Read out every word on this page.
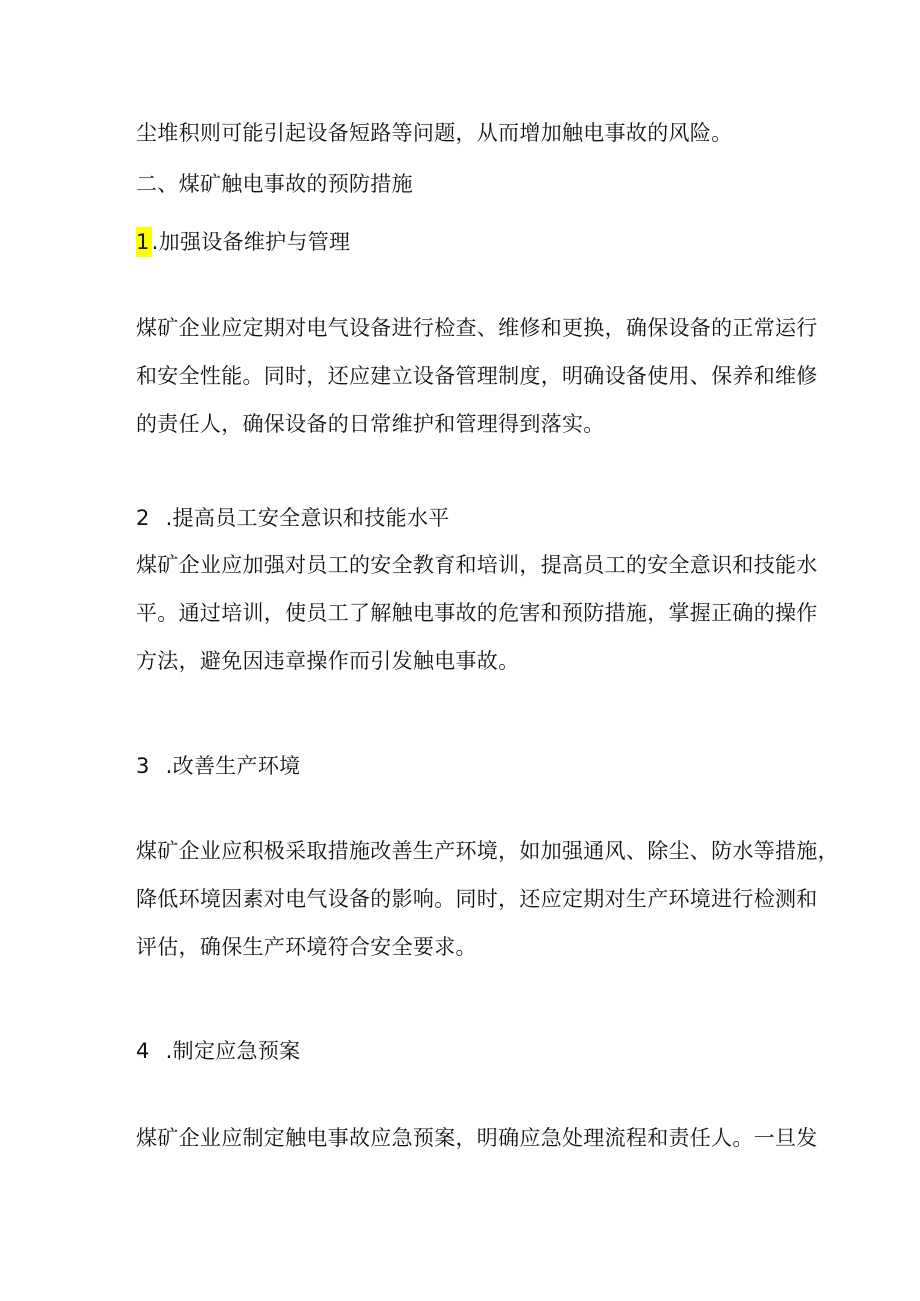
尘堆积则可能引起设备短路等问题，从而增加触电事故的风险。
二、煤矿触电事故的预防措施
1.加强设备维护与管理
煤矿企业应定期对电气设备进行检查、维修和更换，确保设备的正常运行
和安全性能。同时，还应建立设备管理制度，明确设备使用、保养和维修
的责任人，确保设备的日常维护和管理得到落实。
2 .提高员工安全意识和技能水平
煤矿企业应加强对员工的安全教育和培训，提高员工的安全意识和技能水
平。通过培训，使员工了解触电事故的危害和预防措施，掌握正确的操作
方法，避免因违章操作而引发触电事故。
3 .改善生产环境
煤矿企业应积极采取措施改善生产环境，如加强通风、除尘、防水等措施，
降低环境因素对电气设备的影响。同时，还应定期对生产环境进行检测和
评估，确保生产环境符合安全要求。
4 .制定应急预案
煤矿企业应制定触电事故应急预案，明确应急处理流程和责任人。一旦发
